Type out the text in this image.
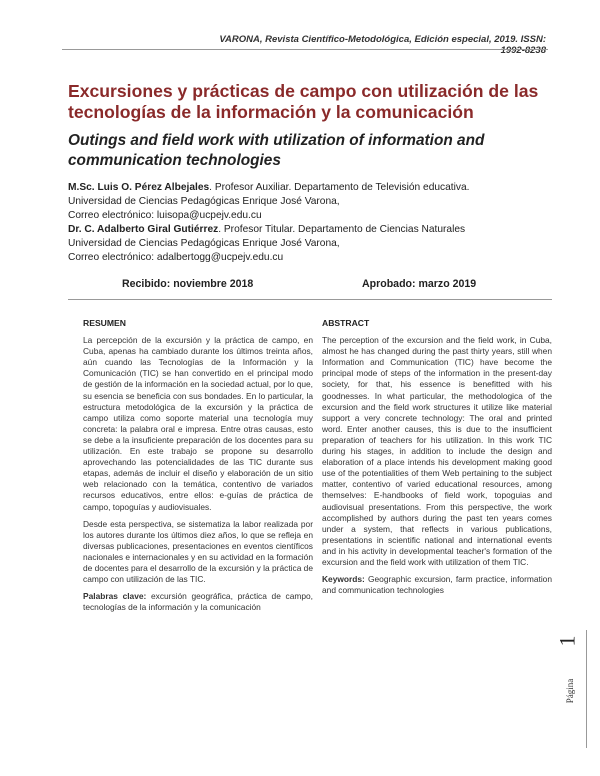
VARONA, Revista Científico-Metodológica, Edición especial, 2019. ISSN: 1992-8238
Excursiones y prácticas de campo con utilización de las tecnologías de la información y la comunicación
Outings and field work with utilization of information and communication technologies

M.Sc. Luis O. Pérez Albejales. Profesor Auxiliar. Departamento de Televisión educativa.

Universidad de Ciencias Pedagógicas Enrique José Varona,

Correo electrónico: luisopa@ucpejv.edu.cu

Dr. C. Adalberto Giral Gutiérrez. Profesor Titular. Departamento de Ciencias Naturales

Universidad de Ciencias Pedagógicas Enrique José Varona,

Correo electrónico: adalbertogg@ucpejv.edu.cu

Recibido: noviembre 2018	Aprobado: marzo 2019
RESUMEN

La percepción de la excursión y la práctica de campo, en Cuba, apenas ha cambiado durante los últimos treinta años, aún cuando las Tecnologías de la Información y la Comunicación (TIC) se han convertido en el principal modo de gestión de la información en la sociedad actual, por lo que, su esencia se beneficia con sus bondades. En lo particular, la estructura metodológica de la excursión y la práctica de campo utiliza como soporte material una tecnología muy concreta: la palabra oral e impresa. Entre otras causas, esto se debe a la insuficiente preparación de los docentes para su utilización. En este trabajo se propone su desarrollo aprovechando las potencialidades de las TIC durante sus etapas, además de incluir el diseño y elaboración de un sitio web relacionado con la temática, contentivo de variados recursos educativos, entre ellos: e-guías de práctica de campo, topoguías y audiovisuales.

Desde esta perspectiva, se sistematiza la labor realizada por los autores durante los últimos diez años, lo que se refleja en diversas publicaciones, presentaciones en eventos científicos nacionales e internacionales y en su actividad en la formación de docentes para el desarrollo de la excursión y la práctica de campo con utilización de las TIC.

Palabras clave: excursión geográfica, práctica de campo, tecnologías de la información y la comunicación

ABSTRACT

The perception of the excursion and the field work, in Cuba, almost he has changed during the past thirty years, still when Information and Communication (TIC) have become the principal mode of steps of the information in the present-day society, for that, his essence is benefitted with his goodnesses. In what particular, the methodologica of the excursion and the field work structures it utilize like material support a very concrete technology: The oral and printed word. Enter another causes, this is due to the insufficient preparation of teachers for his utilization. In this work TIC during his stages, in addition to include the design and elaboration of a place intends his development making good use of the potentialities of them Web pertaining to the subject matter, contentivo of varied educational resources, among themselves: E-handbooks of field work, topoguias and audiovisual presentations. From this perspective, the work accomplished by authors during the past ten years comes under a system, that reflects in various publications, presentations in scientific national and international events and in his activity in developmental teacher's formation of the excursion and the field work with utilization of them TIC.

Keywords: Geographic excursion, farm practice, information and communication technologies

1
Página
